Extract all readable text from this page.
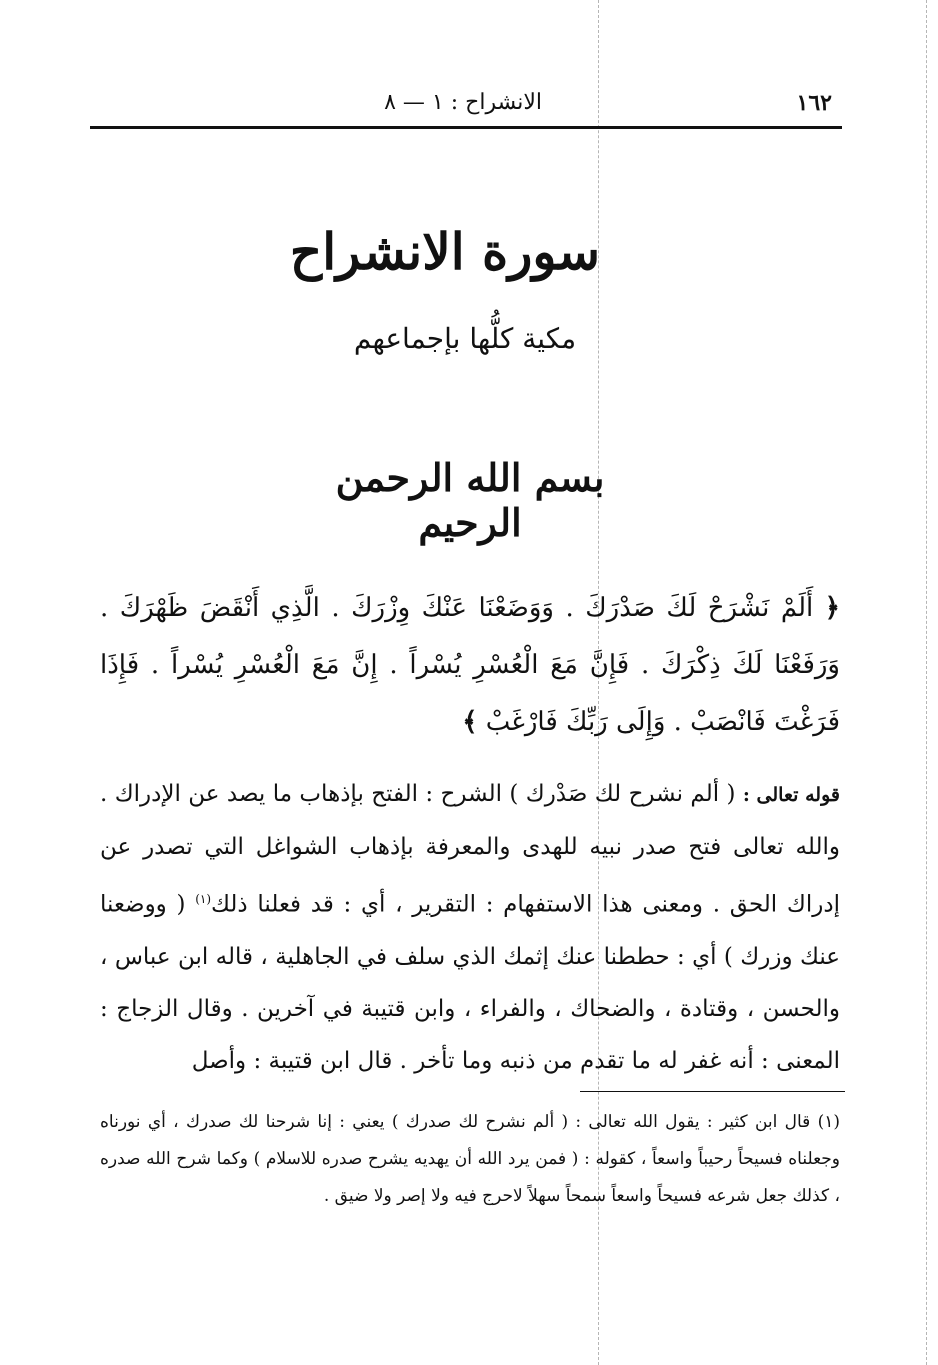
١٦٢
الانشراح : ١ — ٨
سورة الانشراح
مكية كلُّها بإجماعهم
بسم الله الرحمن الرحيم
﴿ أَلَمْ نَشْرَحْ لَكَ صَدْرَكَ . وَوَضَعْنَا عَنْكَ وِزْرَكَ . الَّذِي أَنْقَضَ ظَهْرَكَ . وَرَفَعْنَا لَكَ ذِكْرَكَ . فَإِنَّ مَعَ الْعُسْرِ يُسْراً . إِنَّ مَعَ الْعُسْرِ يُسْراً . فَإِذَا فَرَغْتَ فَانْصَبْ . وَإِلَى رَبِّكَ فَارْغَبْ ﴾
قوله تعالى : ( ألم نشرح لك صَدْرك ) الشرح : الفتح بإذهاب ما يصد عن الإدراك . والله تعالى فتح صدر نبيه للهدى والمعرفة بإذهاب الشواغل التي تصدر عن إدراك الحق . ومعنى هذا الاستفهام : التقرير ، أي : قد فعلنا ذلك$^{(١)}$ ( ووضعنا عنك وزرك ) أي : حططنا عنك إثمك الذي سلف في الجاهلية ، قاله ابن عباس ، والحسن ، وقتادة ، والضحاك ، والفراء ، وابن قتيبة في آخرين . وقال الزجاج : المعنى : أنه غفر له ما تقدم من ذنبه وما تأخر . قال ابن قتيبة : وأصل
(١) قال ابن كثير : يقول الله تعالى : ( ألم نشرح لك صدرك ) يعني : إنا شرحنا لك صدرك ، أي نورناه وجعلناه فسيحاً رحيباً واسعاً ، كقوله : ( فمن يرد الله أن يهديه يشرح صدره للاسلام ) وكما شرح الله صدره ، كذلك جعل شرعه فسيحاً واسعاً سمحاً سهلاً لاحرج فيه ولا إصر ولا ضيق .
